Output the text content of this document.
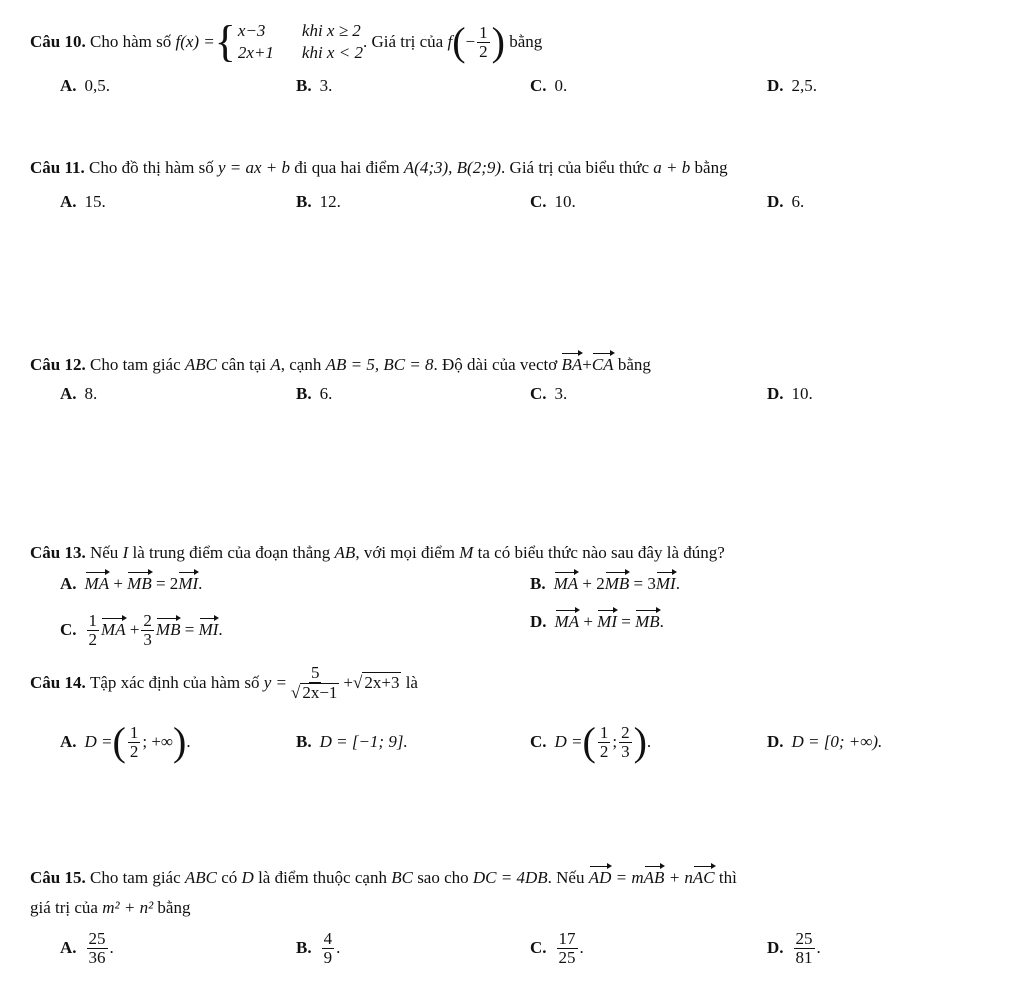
Câu 10.
Cho hàm số
f(x) = { x−3 khi x ≥ 2
2x+1 khi x < 2
. Giá trị của
f ( − $\frac{1}{2}$ )
bằng
A. 0,5.	B. 3.	C. 0.	D. 2,5.
Câu 11. Cho đồ thị hàm số y = ax + b đi qua hai điểm A(4;3), B(2;9). Giá trị của biểu thức a + b bằng
A. 15.	B. 12.	C. 10.	D. 6.
Câu 12. Cho tam giác ABC cân tại A, cạnh AB = 5, BC = 8. Độ dài của vectơ BA+CA bằng
A. 8.	B. 6.	C. 3.	D. 10.
Câu 13. Nếu I là trung điểm của đoạn thẳng AB, với mọi điểm M ta có biểu thức nào sau đây là đúng?
A. MA
+
MB
= 2 MI .	B. MA
+ 2 MB
= 3 MI .
C. $\frac{1}{2}$ MA
+ $\frac{2}{3}$ MB
=
MI .	D. MA
+
MI
=
MB .
Câu 14.
Tập xác định của hàm số
$y = \frac{5}{√ 2x-1}$ + √ 2x+3
là
A. D = ( $\frac{1}{2}$ ; +∞ ) .	B. D = [−1; 9].	C. D = ( $\frac{1}{2}$ ; $\frac{2}{3}$ ) .	D. D = [0; +∞).
Câu 15. Cho tam giác ABC có D là điểm thuộc cạnh BC sao cho DC = 4DB. Nếu AD = mAB + nAC thì
giá trị của m² + n² bằng
A. $\frac{25}{36}$ .	B. $\frac{4}{9}$ .	C. $\frac{17}{25}$ .	D. $\frac{25}{81}$ .
